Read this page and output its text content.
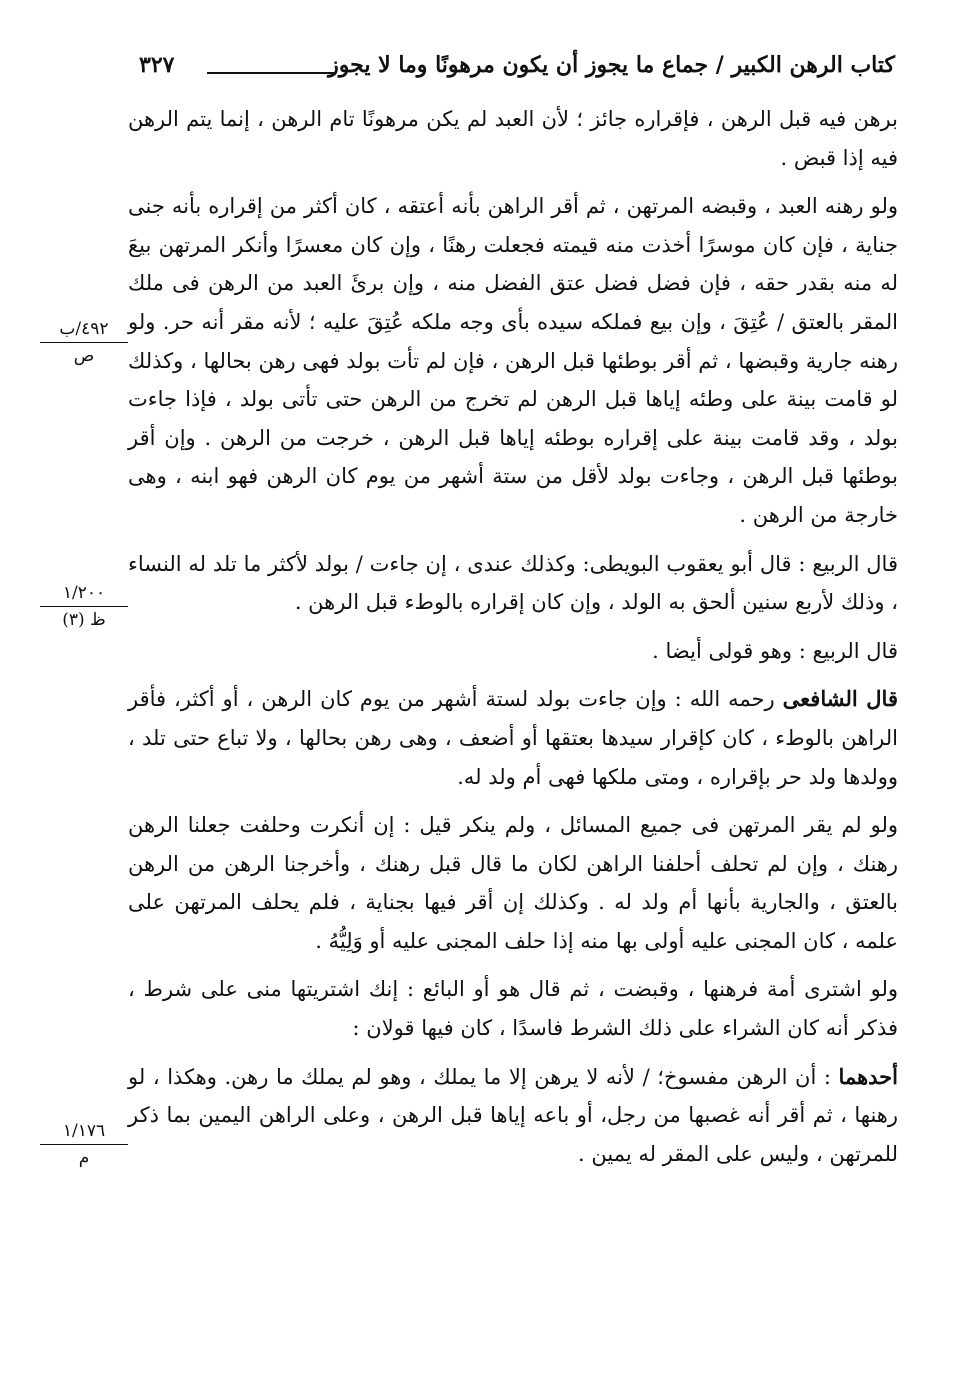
كتاب الرهن الكبير / جماع ما يجوز أن يكون مرهونًا وما لا يجوز
٣٢٧

برهن فيه قبل الرهن ، فإقراره جائز ؛ لأن العبد لم يكن مرهونًا تام الرهن ، إنما يتم الرهن فيه إذا قبض .

ولو رهنه العبد ، وقبضه المرتهن ، ثم أقر الراهن بأنه أعتقه ، كان أكثر من إقراره بأنه جنى جناية ، فإن كان موسرًا أخذت منه قيمته فجعلت رهنًا ، وإن كان معسرًا وأنكر المرتهن بيعَ له منه بقدر حقه ، فإن فضل فضل عتق الفضل منه ، وإن برئَ العبد من الرهن فى ملك المقر بالعتق / عُتِقَ ، وإن بيع فملكه سيده بأى وجه ملكه عُتِقَ عليه ؛ لأنه مقر أنه حر. ولو رهنه جارية وقبضها ، ثم أقر بوطئها قبل الرهن ، فإن لم تأت بولد فهى رهن بحالها ، وكذلك لو قامت بينة على وطئه إياها قبل الرهن لم تخرج من الرهن حتى تأتى بولد ، فإذا جاءت بولد ، وقد قامت بينة على إقراره بوطئه إياها قبل الرهن ، خرجت من الرهن . وإن أقر بوطئها قبل الرهن ، وجاءت بولد لأقل من ستة أشهر من يوم كان الرهن فهو ابنه ، وهى خارجة من الرهن .

قال الربيع : قال أبو يعقوب البويطى: وكذلك عندى ، إن جاءت / بولد لأكثر ما تلد له النساء ، وذلك لأربع سنين ألحق به الولد ، وإن كان إقراره بالوطء قبل الرهن .

قال الربيع : وهو قولى أيضا .

قال الشافعى رحمه الله : وإن جاءت بولد لستة أشهر من يوم كان الرهن ، أو أكثر، فأقر الراهن بالوطء ، كان كإقرار سيدها بعتقها أو أضعف ، وهى رهن بحالها ، ولا تباع حتى تلد ، وولدها ولد حر بإقراره ، ومتى ملكها فهى أم ولد له.

ولو لم يقر المرتهن فى جميع المسائل ، ولم ينكر قيل : إن أنكرت وحلفت جعلنا الرهن رهنك ، وإن لم تحلف أحلفنا الراهن لكان ما قال قبل رهنك ، وأخرجنا الرهن من الرهن بالعتق ، والجارية بأنها أم ولد له . وكذلك إن أقر فيها بجناية ، فلم يحلف المرتهن على علمه ، كان المجنى عليه أولى بها منه إذا حلف المجنى عليه أو وَلِيُّهُ .

ولو اشترى أمة فرهنها ، وقبضت ، ثم قال هو أو البائع : إنك اشتريتها منى على شرط ، فذكر أنه كان الشراء على ذلك الشرط فاسدًا ، كان فيها قولان :

أحدهما : أن الرهن مفسوخ؛ / لأنه لا يرهن إلا ما يملك ، وهو لم يملك ما رهن. وهكذا ، لو رهنها ، ثم أقر أنه غصبها من رجل، أو باعه إياها قبل الرهن ، وعلى الراهن اليمين بما ذكر للمرتهن ، وليس على المقر له يمين .

٤٩٢/ب
ص
١/٢٠٠
ظ (٣)
١/١٧٦
م
